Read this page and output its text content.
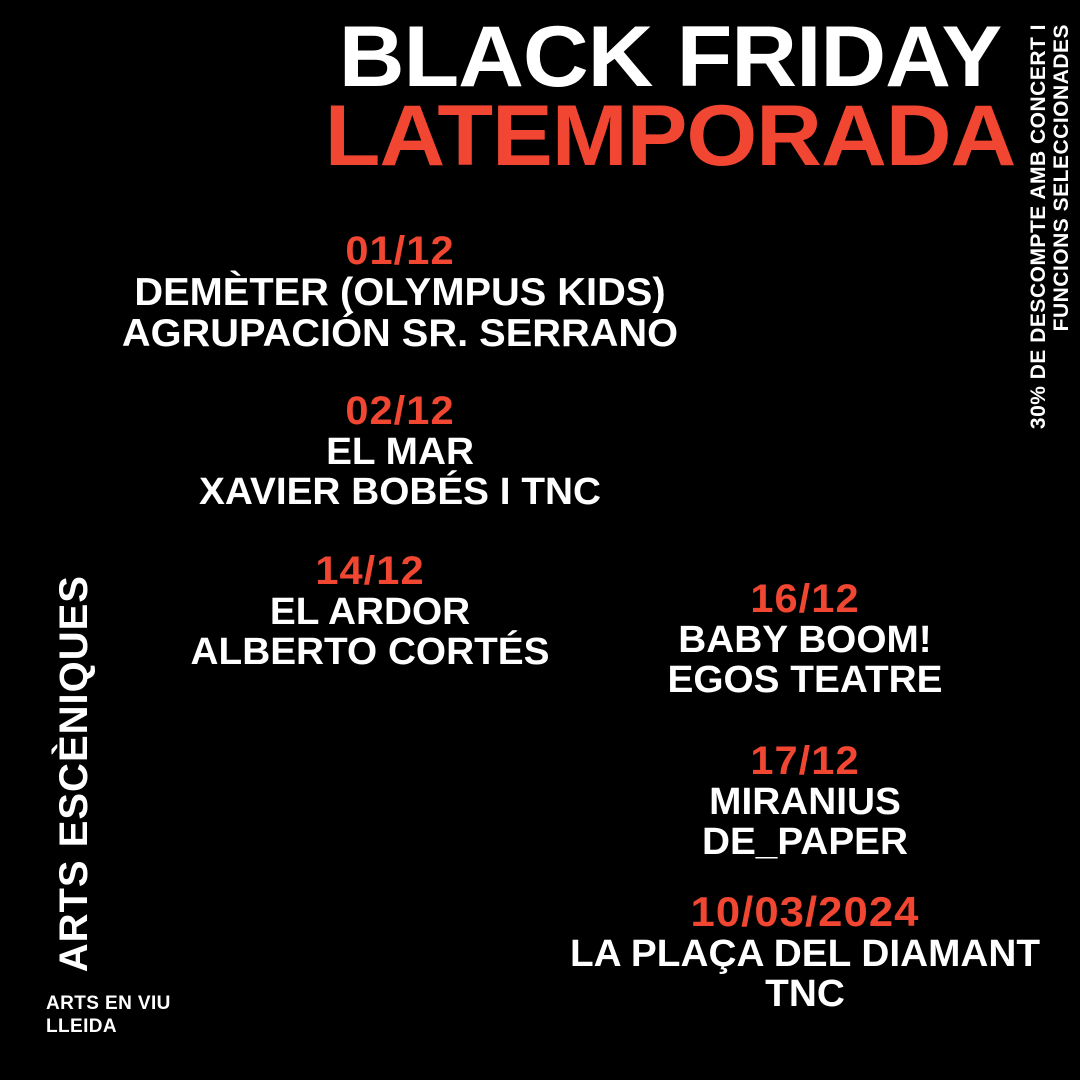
BLACK FRIDAY
LATEMPORADA 30% DE DESCOMPTE AMB CONCERT I FUNCIONS SELECCIONADES
ARTS ESCÈNIQUES
ARTS EN VIU
LLEIDA
01/12
DEMÈTER (OLYMPUS KIDS)
AGRUPACIÓN SR. SERRANO
02/12
EL MAR
XAVIER BOBÉS I TNC
14/12
EL ARDOR
ALBERTO CORTÉS
16/12
BABY BOOM!
EGOS TEATRE
17/12
MIRANIUS
DE_PAPER
10/03/2024
LA PLAÇA DEL DIAMANT
TNC
